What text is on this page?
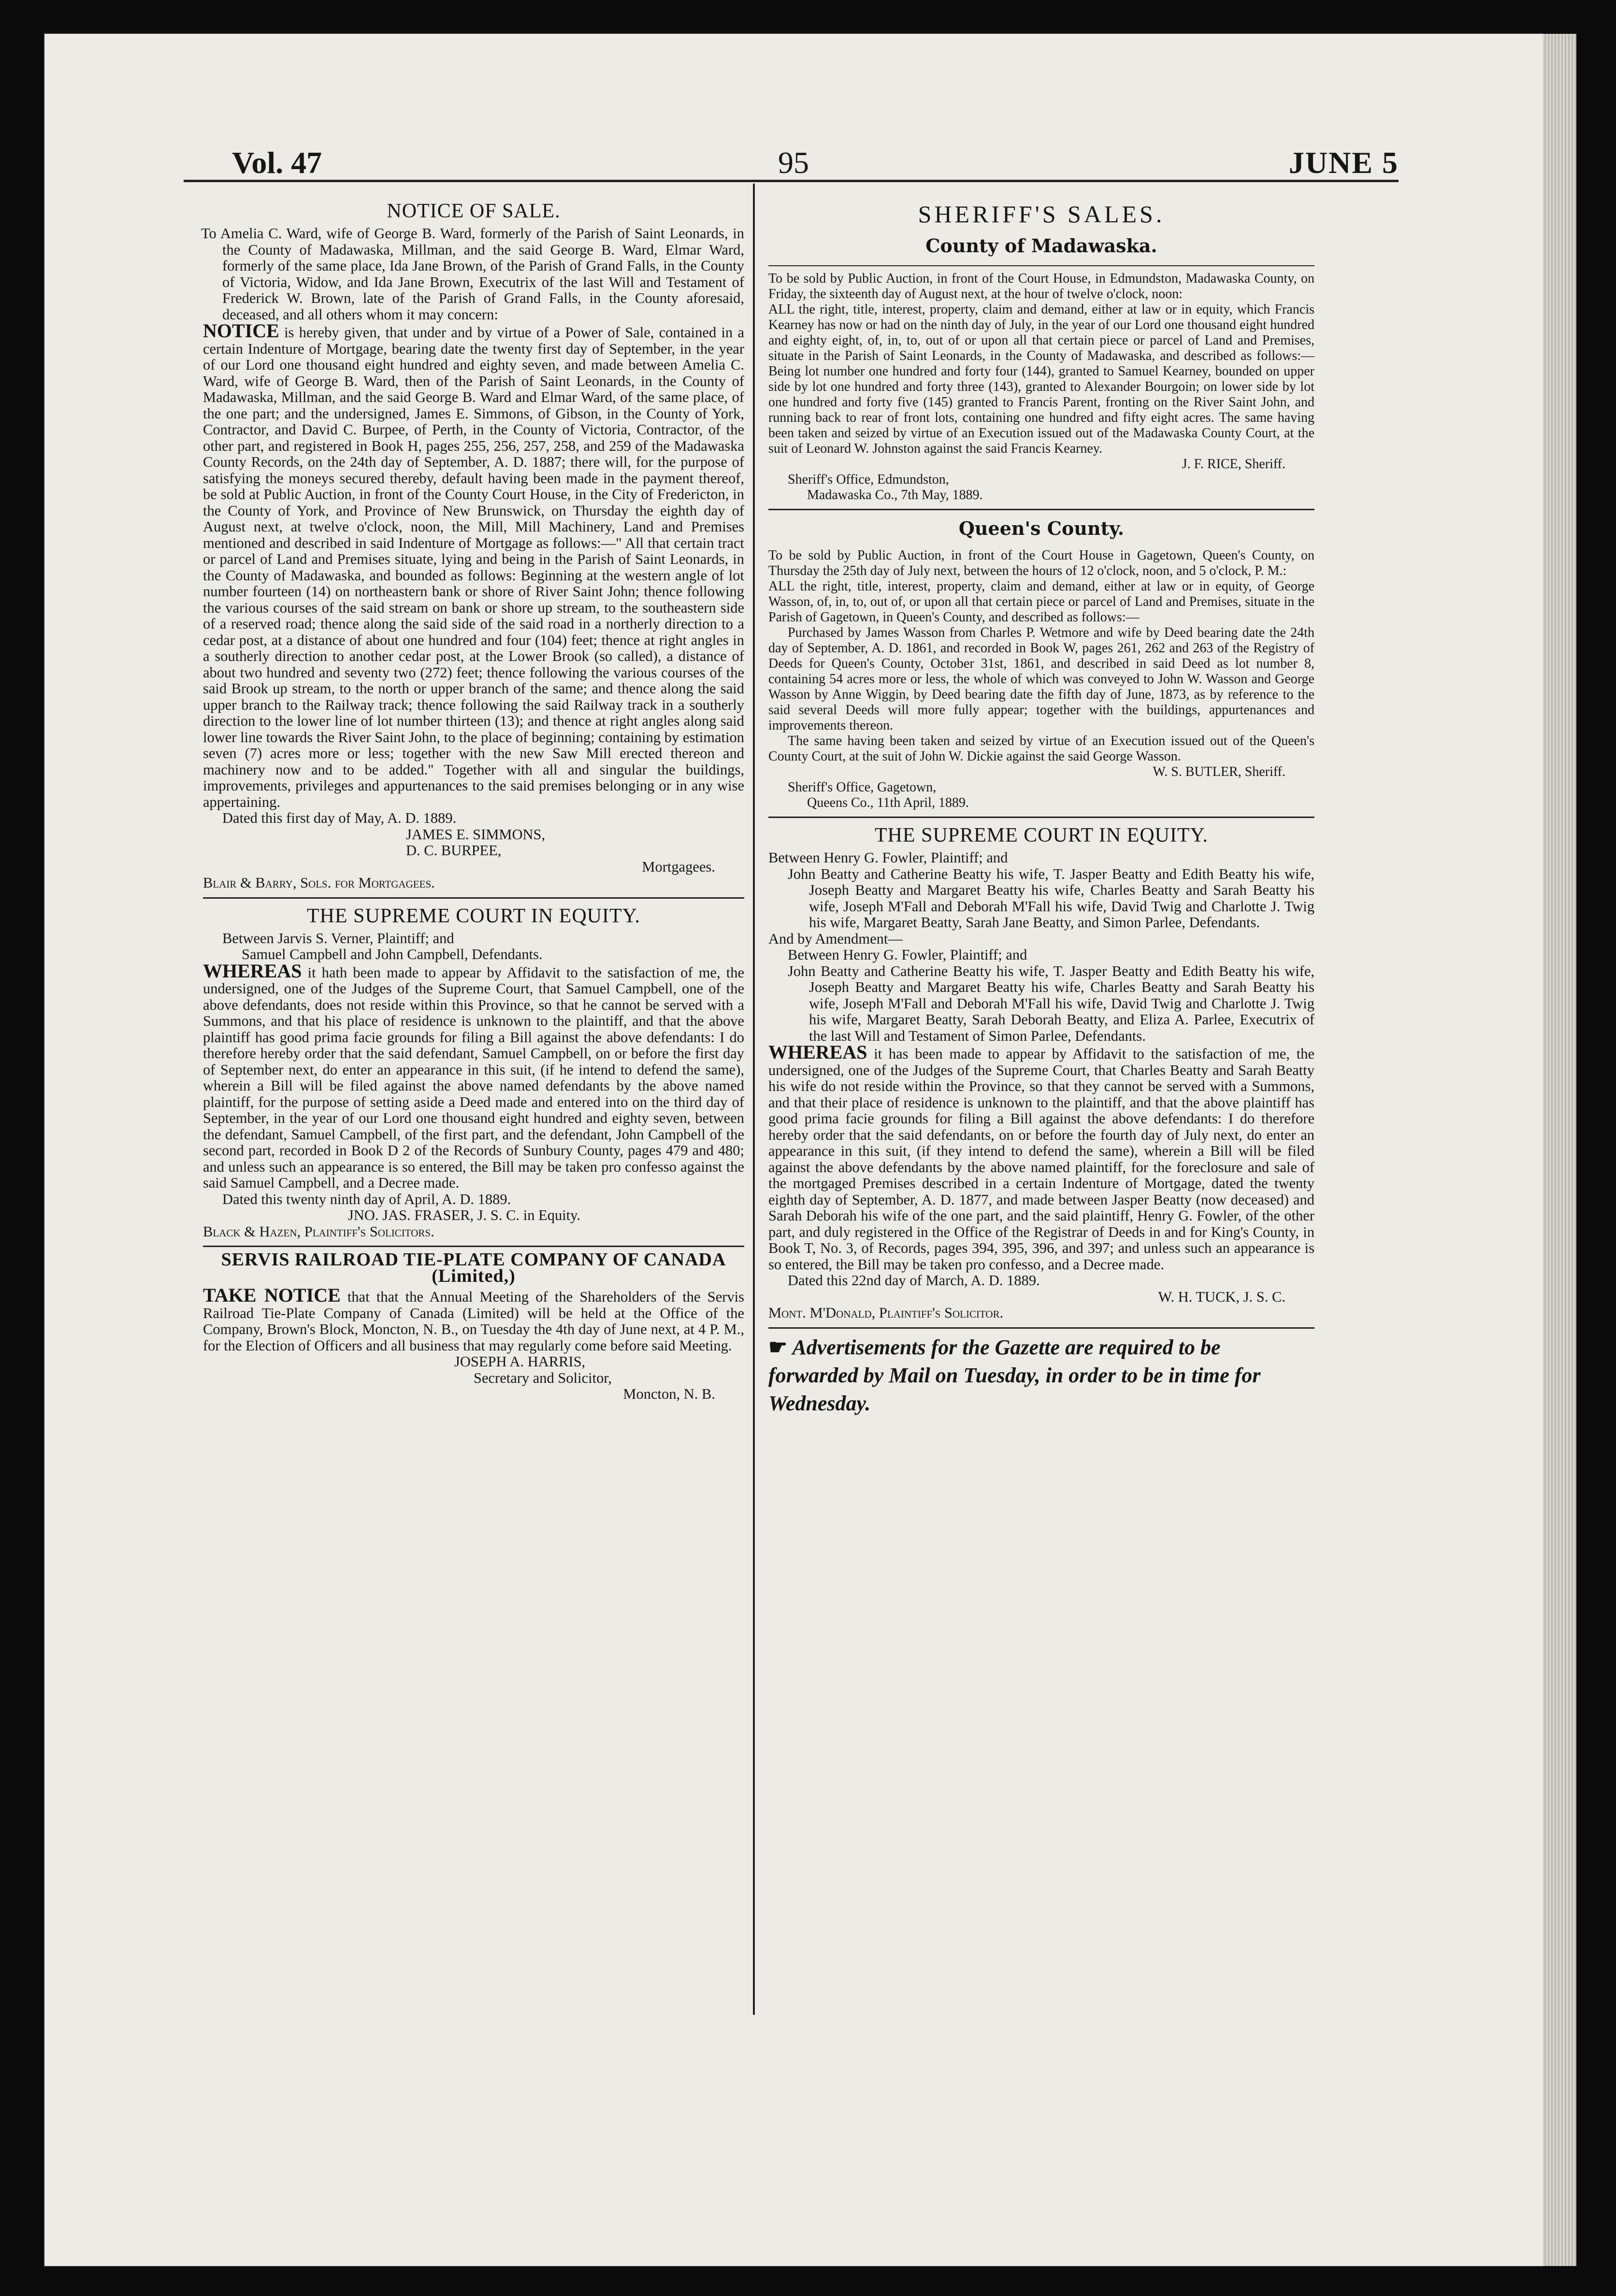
Vol. 47	95	JUNE 5
NOTICE OF SALE.

To Amelia C. Ward, wife of George B. Ward, formerly of the Parish of Saint Leonards, in the County of Madawaska, Millman, and the said George B. Ward, Elmar Ward, formerly of the same place, Ida Jane Brown, of the Parish of Grand Falls, in the County of Victoria, Widow, and Ida Jane Brown, Executrix of the last Will and Testament of Frederick W. Brown, late of the Parish of Grand Falls, in the County aforesaid, deceased, and all others whom it may concern:

NOTICE is hereby given, that under and by virtue of a Power of Sale, contained in a certain Indenture of Mortgage, bearing date the twenty first day of September, in the year of our Lord one thousand eight hundred and eighty seven, and made between Amelia C. Ward, wife of George B. Ward, then of the Parish of Saint Leonards, in the County of Madawaska, Millman, and the said George B. Ward and Elmar Ward, of the same place, of the one part; and the undersigned, James E. Simmons, of Gibson, in the County of York, Contractor, and David C. Burpee, of Perth, in the County of Victoria, Contractor, of the other part, and registered in Book H, pages 255, 256, 257, 258, and 259 of the Madawaska County Records, on the 24th day of September, A. D. 1887; there will, for the purpose of satisfying the moneys secured thereby, default having been made in the payment thereof, be sold at Public Auction, in front of the County Court House, in the City of Fredericton, in the County of York, and Province of New Brunswick, on Thursday the eighth day of August next, at twelve o'clock, noon, the Mill, Mill Machinery, Land and Premises mentioned and described in said Indenture of Mortgage as follows:—" All that certain tract or parcel of Land and Premises situate, lying and being in the Parish of Saint Leonards, in the County of Madawaska, and bounded as follows: Beginning at the western angle of lot number fourteen (14) on northeastern bank or shore of River Saint John; thence following the various courses of the said stream on bank or shore up stream, to the southeastern side of a reserved road; thence along the said side of the said road in a northerly direction to a cedar post, at a distance of about one hundred and four (104) feet; thence at right angles in a southerly direction to another cedar post, at the Lower Brook (so called), a distance of about two hundred and seventy two (272) feet; thence following the various courses of the said Brook up stream, to the north or upper branch of the same; and thence along the said upper branch to the Railway track; thence following the said Railway track in a southerly direction to the lower line of lot number thirteen (13); and thence at right angles along said lower line towards the River Saint John, to the place of beginning; containing by estimation seven (7) acres more or less; together with the new Saw Mill erected thereon and machinery now and to be added." Together with all and singular the buildings, improvements, privileges and appurtenances to the said premises belonging or in any wise appertaining.

Dated this first day of May, A. D. 1889.

JAMES E. SIMMONS,

D. C. BURPEE,

Mortgagees.

Blair & Barry, Sols. for Mortgagees.

THE SUPREME COURT IN EQUITY.

Between Jarvis S. Verner, Plaintiff; and

Samuel Campbell and John Campbell, Defendants.

WHEREAS it hath been made to appear by Affidavit to the satisfaction of me, the undersigned, one of the Judges of the Supreme Court, that Samuel Campbell, one of the above defendants, does not reside within this Province, so that he cannot be served with a Summons, and that his place of residence is unknown to the plaintiff, and that the above plaintiff has good prima facie grounds for filing a Bill against the above defendants: I do therefore hereby order that the said defendant, Samuel Campbell, on or before the first day of September next, do enter an appearance in this suit, (if he intend to defend the same), wherein a Bill will be filed against the above named defendants by the above named plaintiff, for the purpose of setting aside a Deed made and entered into on the third day of September, in the year of our Lord one thousand eight hundred and eighty seven, between the defendant, Samuel Campbell, of the first part, and the defendant, John Campbell of the second part, recorded in Book D 2 of the Records of Sunbury County, pages 479 and 480; and unless such an appearance is so entered, the Bill may be taken pro confesso against the said Samuel Campbell, and a Decree made.

Dated this twenty ninth day of April, A. D. 1889.

JNO. JAS. FRASER, J. S. C. in Equity.

Black & Hazen, Plaintiff's Solicitors.

SERVIS RAILROAD TIE-PLATE COMPANY OF CANADA (Limited,)

TAKE NOTICE that that the Annual Meeting of the Shareholders of the Servis Railroad Tie-Plate Company of Canada (Limited) will be held at the Office of the Company, Brown's Block, Moncton, N. B., on Tuesday the 4th day of June next, at 4 P. M., for the Election of Officers and all business that may regularly come before said Meeting.

JOSEPH A. HARRIS,

Secretary and Solicitor,

Moncton, N. B.

SHERIFF'S SALES.
County of Madawaska.

To be sold by Public Auction, in front of the Court House, in Edmundston, Madawaska County, on Friday, the sixteenth day of August next, at the hour of twelve o'clock, noon:

ALL the right, title, interest, property, claim and demand, either at law or in equity, which Francis Kearney has now or had on the ninth day of July, in the year of our Lord one thousand eight hundred and eighty eight, of, in, to, out of or upon all that certain piece or parcel of Land and Premises, situate in the Parish of Saint Leonards, in the County of Madawaska, and described as follows:— Being lot number one hundred and forty four (144), granted to Samuel Kearney, bounded on upper side by lot one hundred and forty three (143), granted to Alexander Bourgoin; on lower side by lot one hundred and forty five (145) granted to Francis Parent, fronting on the River Saint John, and running back to rear of front lots, containing one hundred and fifty eight acres. The same having been taken and seized by virtue of an Execution issued out of the Madawaska County Court, at the suit of Leonard W. Johnston against the said Francis Kearney.

J. F. RICE, Sheriff.

Sheriff's Office, Edmundston,

Madawaska Co., 7th May, 1889.

Queen's County.

To be sold by Public Auction, in front of the Court House in Gagetown, Queen's County, on Thursday the 25th day of July next, between the hours of 12 o'clock, noon, and 5 o'clock, P. M.:

ALL the right, title, interest, property, claim and demand, either at law or in equity, of George Wasson, of, in, to, out of, or upon all that certain piece or parcel of Land and Premises, situate in the Parish of Gagetown, in Queen's County, and described as follows:—

Purchased by James Wasson from Charles P. Wetmore and wife by Deed bearing date the 24th day of September, A. D. 1861, and recorded in Book W, pages 261, 262 and 263 of the Registry of Deeds for Queen's County, October 31st, 1861, and described in said Deed as lot number 8, containing 54 acres more or less, the whole of which was conveyed to John W. Wasson and George Wasson by Anne Wiggin, by Deed bearing date the fifth day of June, 1873, as by reference to the said several Deeds will more fully appear; together with the buildings, appurtenances and improvements thereon.

The same having been taken and seized by virtue of an Execution issued out of the Queen's County Court, at the suit of John W. Dickie against the said George Wasson.

W. S. BUTLER, Sheriff.

Sheriff's Office, Gagetown,

Queens Co., 11th April, 1889.

THE SUPREME COURT IN EQUITY.

Between Henry G. Fowler, Plaintiff; and

John Beatty and Catherine Beatty his wife, T. Jasper Beatty and Edith Beatty his wife, Joseph Beatty and Margaret Beatty his wife, Charles Beatty and Sarah Beatty his wife, Joseph M'Fall and Deborah M'Fall his wife, David Twig and Charlotte J. Twig his wife, Margaret Beatty, Sarah Jane Beatty, and Simon Parlee, Defendants.

And by Amendment—

Between Henry G. Fowler, Plaintiff; and

John Beatty and Catherine Beatty his wife, T. Jasper Beatty and Edith Beatty his wife, Joseph Beatty and Margaret Beatty his wife, Charles Beatty and Sarah Beatty his wife, Joseph M'Fall and Deborah M'Fall his wife, David Twig and Charlotte J. Twig his wife, Margaret Beatty, Sarah Deborah Beatty, and Eliza A. Parlee, Executrix of the last Will and Testament of Simon Parlee, Defendants.

WHEREAS it has been made to appear by Affidavit to the satisfaction of me, the undersigned, one of the Judges of the Supreme Court, that Charles Beatty and Sarah Beatty his wife do not reside within the Province, so that they cannot be served with a Summons, and that their place of residence is unknown to the plaintiff, and that the above plaintiff has good prima facie grounds for filing a Bill against the above defendants: I do therefore hereby order that the said defendants, on or before the fourth day of July next, do enter an appearance in this suit, (if they intend to defend the same), wherein a Bill will be filed against the above defendants by the above named plaintiff, for the foreclosure and sale of the mortgaged Premises described in a certain Indenture of Mortgage, dated the twenty eighth day of September, A. D. 1877, and made between Jasper Beatty (now deceased) and Sarah Deborah his wife of the one part, and the said plaintiff, Henry G. Fowler, of the other part, and duly registered in the Office of the Registrar of Deeds in and for King's County, in Book T, No. 3, of Records, pages 394, 395, 396, and 397; and unless such an appearance is so entered, the Bill may be taken pro confesso, and a Decree made.

Dated this 22nd day of March, A. D. 1889.

W. H. TUCK, J. S. C.

Mont. M'Donald, Plaintiff's Solicitor.

☛ Advertisements for the Gazette are required to be forwarded by Mail on Tuesday, in order to be in time for Wednesday.
